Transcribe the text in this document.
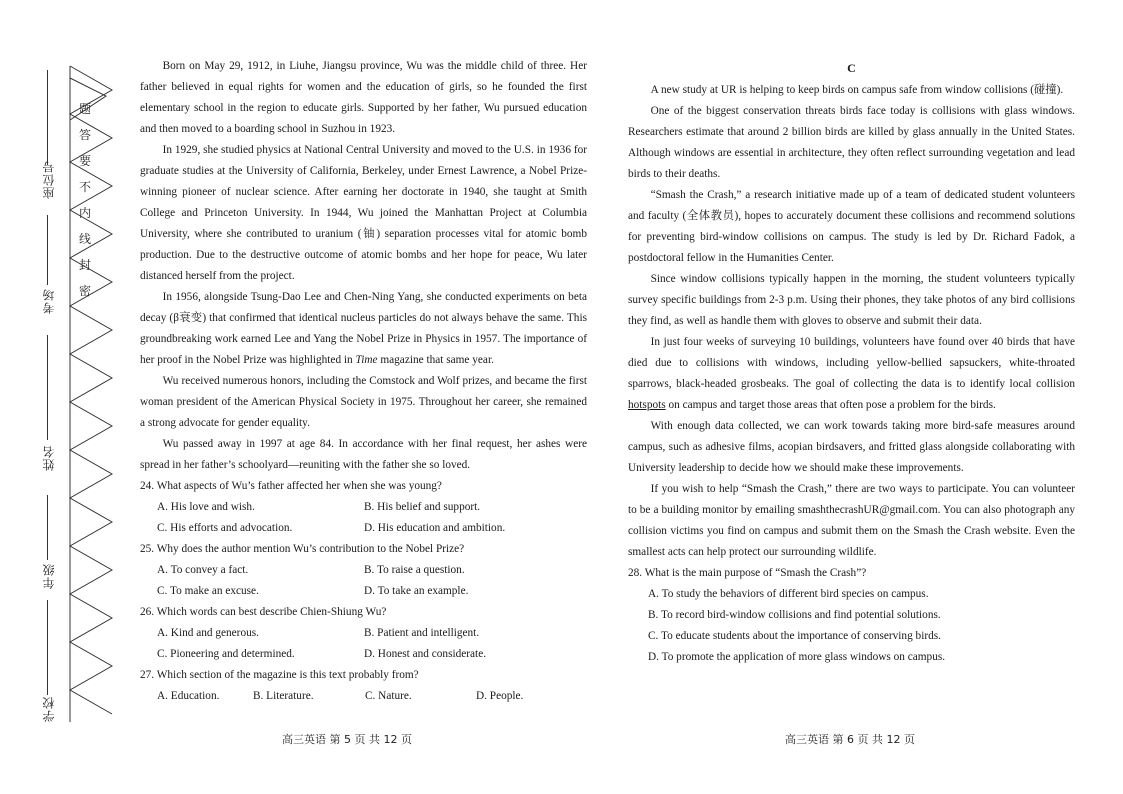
座位号
考场
姓名
年级
学校
题
答
要
不
内
线
封
密

Born on May 29, 1912, in Liuhe, Jiangsu province, Wu was the middle child of three. Her father believed in equal rights for women and the education of girls, so he founded the first elementary school in the region to educate girls. Supported by her father, Wu pursued education and then moved to a boarding school in Suzhou in 1923.

In 1929, she studied physics at National Central University and moved to the U.S. in 1936 for graduate studies at the University of California, Berkeley, under Ernest Lawrence, a Nobel Prize-winning pioneer of nuclear science. After earning her doctorate in 1940, she taught at Smith College and Princeton University. In 1944, Wu joined the Manhattan Project at Columbia University, where she contributed to uranium (铀) separation processes vital for atomic bomb production. Due to the destructive outcome of atomic bombs and her hope for peace, Wu later distanced herself from the project.

In 1956, alongside Tsung-Dao Lee and Chen-Ning Yang, she conducted experiments on beta decay (β衰变) that confirmed that identical nucleus particles do not always behave the same. This groundbreaking work earned Lee and Yang the Nobel Prize in Physics in 1957. The importance of her proof in the Nobel Prize was highlighted in Time magazine that same year.

Wu received numerous honors, including the Comstock and Wolf prizes, and became the first woman president of the American Physical Society in 1975. Throughout her career, she remained a strong advocate for gender equality.

Wu passed away in 1997 at age 84. In accordance with her final request, her ashes were spread in her father’s schoolyard—reuniting with the father she so loved.

24. What aspects of Wu’s father affected her when she was young?

A. His love and wish.	B. His belief and support.
C. His efforts and advocation.	D. His education and ambition.

25. Why does the author mention Wu’s contribution to the Nobel Prize?

A. To convey a fact.	B. To raise a question.
C. To make an excuse.	D. To take an example.

26. Which words can best describe Chien-Shiung Wu?

A. Kind and generous.	B. Patient and intelligent.
C. Pioneering and determined.	D. Honest and considerate.

27. Which section of the magazine is this text probably from?

A. Education.	B. Literature.	C. Nature.	D. People.
高三英语 第 5 页 共 12 页
C

A new study at UR is helping to keep birds on campus safe from window collisions (碰撞).

One of the biggest conservation threats birds face today is collisions with glass windows. Researchers estimate that around 2 billion birds are killed by glass annually in the United States. Although windows are essential in architecture, they often reflect surrounding vegetation and lead birds to their deaths.

“Smash the Crash,” a research initiative made up of a team of dedicated student volunteers and faculty (全体教员), hopes to accurately document these collisions and recommend solutions for preventing bird-window collisions on campus. The study is led by Dr. Richard Fadok, a postdoctoral fellow in the Humanities Center.

Since window collisions typically happen in the morning, the student volunteers typically survey specific buildings from 2-3 p.m. Using their phones, they take photos of any bird collisions they find, as well as handle them with gloves to observe and submit their data.

In just four weeks of surveying 10 buildings, volunteers have found over 40 birds that have died due to collisions with windows, including yellow-bellied sapsuckers, white-throated sparrows, black-headed grosbeaks. The goal of collecting the data is to identify local collision hotspots on campus and target those areas that often pose a problem for the birds.

With enough data collected, we can work towards taking more bird-safe measures around campus, such as adhesive films, acopian birdsavers, and fritted glass alongside collaborating with University leadership to decide how we should make these improvements.

If you wish to help “Smash the Crash,” there are two ways to participate. You can volunteer to be a building monitor by emailing smashthecrashUR@gmail.com. You can also photograph any collision victims you find on campus and submit them on the Smash the Crash website. Even the smallest acts can help protect our surrounding wildlife.

28. What is the main purpose of “Smash the Crash”?

A. To study the behaviors of different bird species on campus.
B. To record bird-window collisions and find potential solutions.
C. To educate students about the importance of conserving birds.
D. To promote the application of more glass windows on campus.
高三英语 第 6 页 共 12 页
